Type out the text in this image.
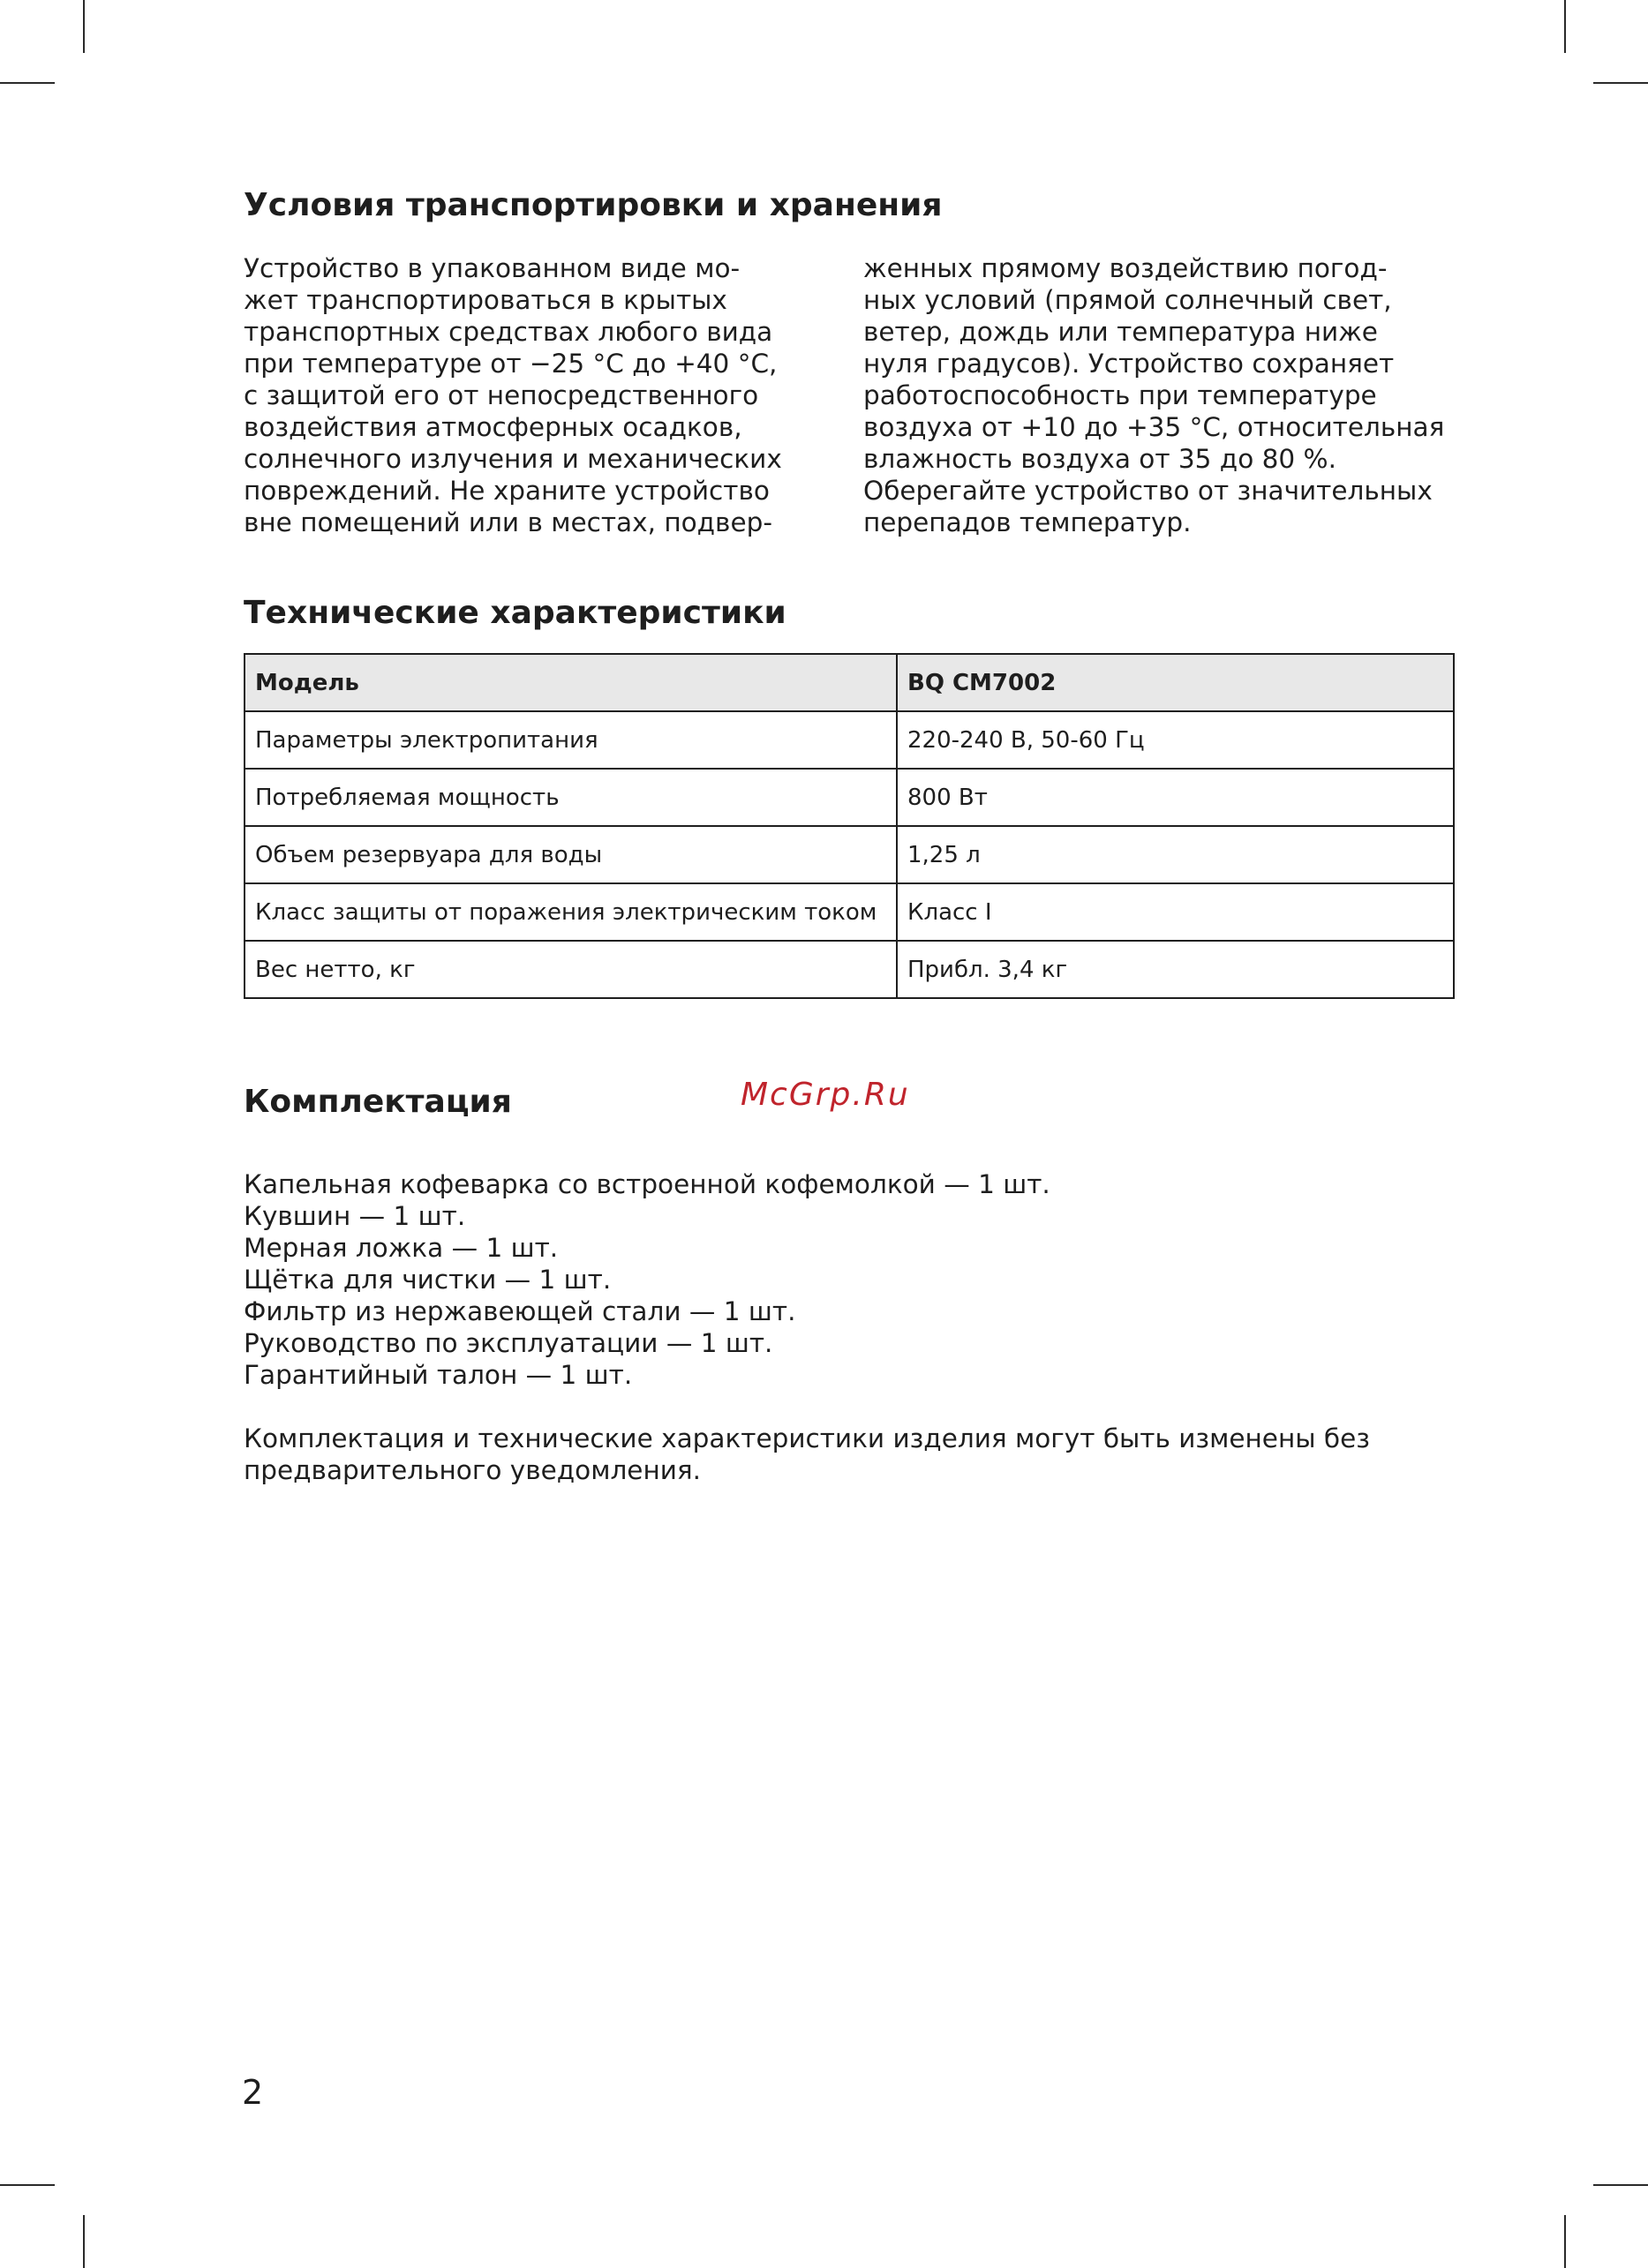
Условия транспортировки и хранения

Устройство в упакованном виде мо-

жет транспортироваться в крытых

транспортных средствах любого вида

при температуре от −25 °C до +40 °C,

с защитой его от непосредственного

воздействия атмосферных осадков,

солнечного излучения и механических

повреждений. Не храните устройство

вне помещений или в местах, подвер-

женных прямому воздействию погод-

ных условий (прямой солнечный свет,

ветер, дождь или температура ниже

нуля градусов). Устройство сохраняет

работоспособность при температуре

воздуха от +10 до +35 °C, относительная

влажность воздуха от 35 до 80 %.

Оберегайте устройство от значительных

перепадов температур.

Технические характеристики
Модель	BQ CM7002
Параметры электропитания	220-240 В, 50-60 Гц
Потребляемая мощность	800 Вт
Объем резервуара для воды	1,25 л
Класс защиты от поражения электрическим током	Класс I
Вес нетто, кг	Прибл. 3,4 кг
Комплектация	McGrp.Ru
Капельная кофеварка со встроенной кофемолкой — 1 шт.
Кувшин — 1 шт.
Мерная ложка — 1 шт.
Щётка для чистки — 1 шт.
Фильтр из нержавеющей стали — 1 шт.
Руководство по эксплуатации — 1 шт.
Гарантийный талон — 1 шт.
Комплектация и технические характеристики изделия могут быть изменены без
предварительного уведомления.
2
